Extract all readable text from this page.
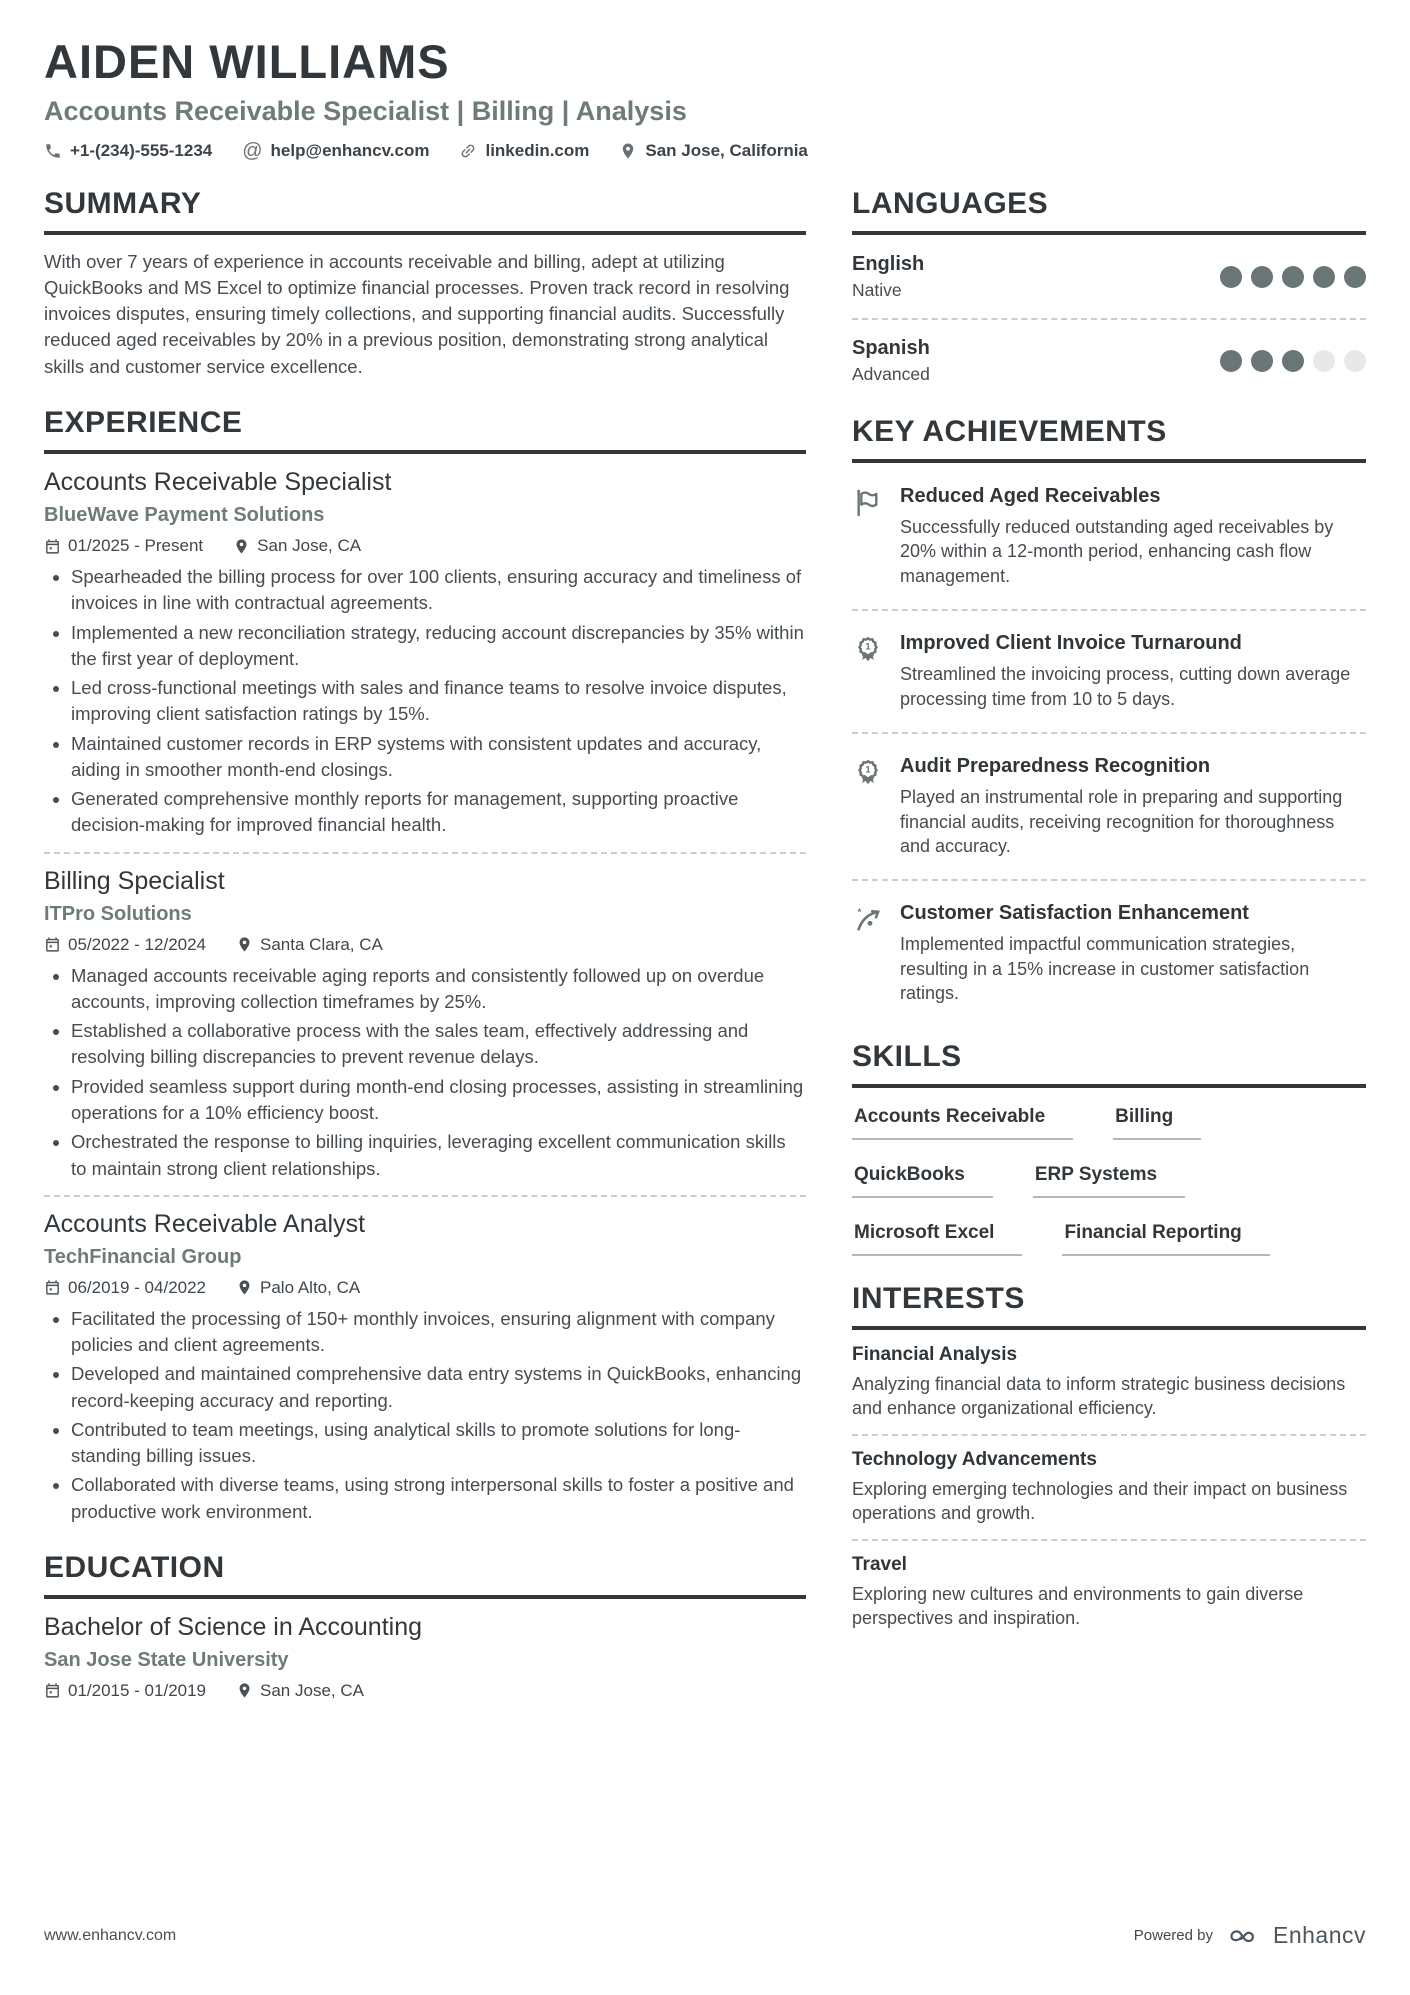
AIDEN WILLIAMS
Accounts Receivable Specialist | Billing | Analysis
+1-(234)-555-1234 @ help@enhancv.com	linkedin.com	San Jose, California
SUMMARY

With over 7 years of experience in accounts receivable and billing, adept at utilizing QuickBooks and MS Excel to optimize financial processes. Proven track record in resolving invoices disputes, ensuring timely collections, and supporting financial audits. Successfully reduced aged receivables by 20% in a previous position, demonstrating strong analytical skills and customer service excellence.

EXPERIENCE
Accounts Receivable Specialist
BlueWave Payment Solutions
01/2025 - Present	San Jose, CA
• Spearheaded the billing process for over 100 clients, ensuring accuracy and timeliness of invoices in line with contractual agreements.
• Implemented a new reconciliation strategy, reducing account discrepancies by 35% within the first year of deployment.
• Led cross-functional meetings with sales and finance teams to resolve invoice disputes, improving client satisfaction ratings by 15%.
• Maintained customer records in ERP systems with consistent updates and accuracy, aiding in smoother month-end closings.
• Generated comprehensive monthly reports for management, supporting proactive decision-making for improved financial health.
Billing Specialist
ITPro Solutions
05/2022 - 12/2024	Santa Clara, CA
• Managed accounts receivable aging reports and consistently followed up on overdue accounts, improving collection timeframes by 25%.
• Established a collaborative process with the sales team, effectively addressing and resolving billing discrepancies to prevent revenue delays.
• Provided seamless support during month-end closing processes, assisting in streamlining operations for a 10% efficiency boost.
• Orchestrated the response to billing inquiries, leveraging excellent communication skills to maintain strong client relationships.
Accounts Receivable Analyst
TechFinancial Group
06/2019 - 04/2022	Palo Alto, CA
• Facilitated the processing of 150+ monthly invoices, ensuring alignment with company policies and client agreements.
• Developed and maintained comprehensive data entry systems in QuickBooks, enhancing record-keeping accuracy and reporting.
• Contributed to team meetings, using analytical skills to promote solutions for long-standing billing issues.
• Collaborated with diverse teams, using strong interpersonal skills to foster a positive and productive work environment.
EDUCATION
Bachelor of Science in Accounting
San Jose State University
01/2015 - 01/2019	San Jose, CA
LANGUAGES
English
Native
Spanish
Advanced
KEY ACHIEVEMENTS
Reduced Aged Receivables

Successfully reduced outstanding aged receivables by 20% within a 12-month period, enhancing cash flow management.

1 Improved Client Invoice Turnaround

Streamlined the invoicing process, cutting down average processing time from 10 to 5 days.

1 Audit Preparedness Recognition

Played an instrumental role in preparing and supporting financial audits, receiving recognition for thoroughness and accuracy.

* Customer Satisfaction Enhancement

Implemented impactful communication strategies, resulting in a 15% increase in customer satisfaction ratings.

SKILLS
Accounts Receivable	Billing
QuickBooks	ERP Systems
Microsoft Excel	Financial Reporting
INTERESTS
Financial Analysis

Analyzing financial data to inform strategic business decisions and enhance organizational efficiency.

Technology Advancements

Exploring emerging technologies and their impact on business operations and growth.

Travel

Exploring new cultures and environments to gain diverse perspectives and inspiration.

www.enhancv.com	Powered by	Enhancv
